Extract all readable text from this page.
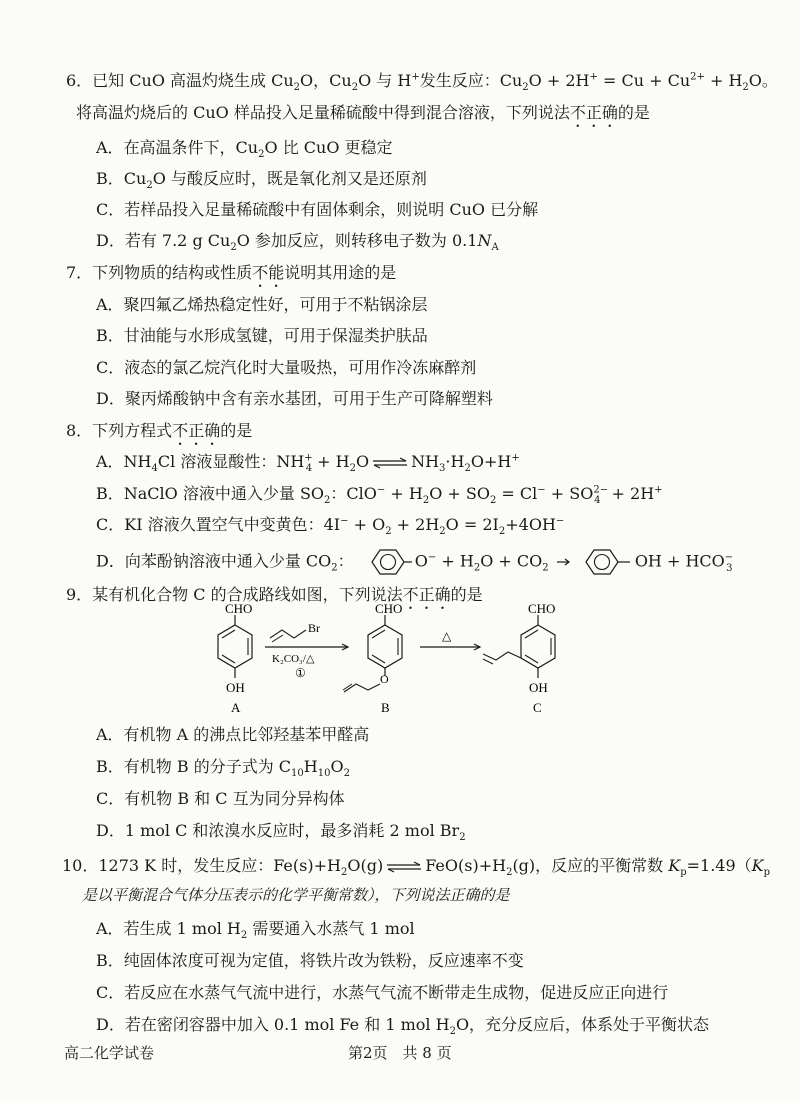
6．已知 CuO 高温灼烧生成 $Cu_2O$，$Cu_2O$ 与 H+发生反应：$Cu_2O + 2H^+ = Cu + Cu^{2+} + H_2O$。
将高温灼烧后的 CuO 样品投入足量稀硫酸中得到混合溶液，下列说法不正确的是
A．在高温条件下，$Cu_2O$ 比 CuO 更稳定
B．$Cu_2O$ 与酸反应时，既是氧化剂又是还原剂
C．若样品投入足量稀硫酸中有固体剩余，则说明 CuO 已分解
D．若有 7.2 g $Cu_2O$ 参加反应，则转移电子数为 $0.1N_A$
7．下列物质的结构或性质不能说明其用途的是
A．聚四氟乙烯热稳定性好，可用于不粘锅涂层
B．甘油能与水形成氢键，可用于保湿类护肤品
C．液态的氯乙烷汽化时大量吸热，可用作冷冻麻醉剂
D．聚丙烯酸钠中含有亲水基团，可用于生产可降解塑料
8．下列方程式不正确的是
A．$NH_4Cl$ 溶液显酸性：$NH^+_4 + H_2O$ ⇌ $NH_3\cdot H_2O+H^+$
B．NaClO 溶液中通入少量 $SO_2$：$ClO^- + H_2O + SO_2 = Cl^- + SO^{2-}_4 + 2H^+$
C．KI 溶液久置空气中变黄色：$4I^- + O_2 + 2H_2O = 2I_2+4OH^-$
D．向苯酚钠溶液中通入少量 $CO_2$：	$O^- + H_2O + CO_2$	OH + $HCO^-_3$
9．某有机化合物 C 的合成路线如图，下列说法不正确的是
CHO
OH
A
Br
K₂CO₃/△
①	O
CHO
B
△
CHO
OH
C
A．有机物 A 的沸点比邻羟基苯甲醛高
B．有机物 B 的分子式为 $C_{10}H_{10}O_2$
C．有机物 B 和 C 互为同分异构体
D．1 mol C 和浓溴水反应时，最多消耗 2 mol $Br_2$
10．1273 K 时，发生反应：$Fe(s)+H_2O(g)$ ⇌ $FeO(s)+H_2(g)$，反应的平衡常数 $K_p=1.49(K_p$
是以平衡混合气体分压表示的化学平衡常数），下列说法正确的是
A．若生成 1 mol $H_2$ 需要通入水蒸气 1 mol
B．纯固体浓度可视为定值，将铁片改为铁粉，反应速率不变
C．若反应在水蒸气气流中进行，水蒸气气流不断带走生成物，促进反应正向进行
D．若在密闭容器中加入 0.1 mol Fe 和 1 mol $H_2O$，充分反应后，体系处于平衡状态
高二化学试卷	第2页　共 8 页
